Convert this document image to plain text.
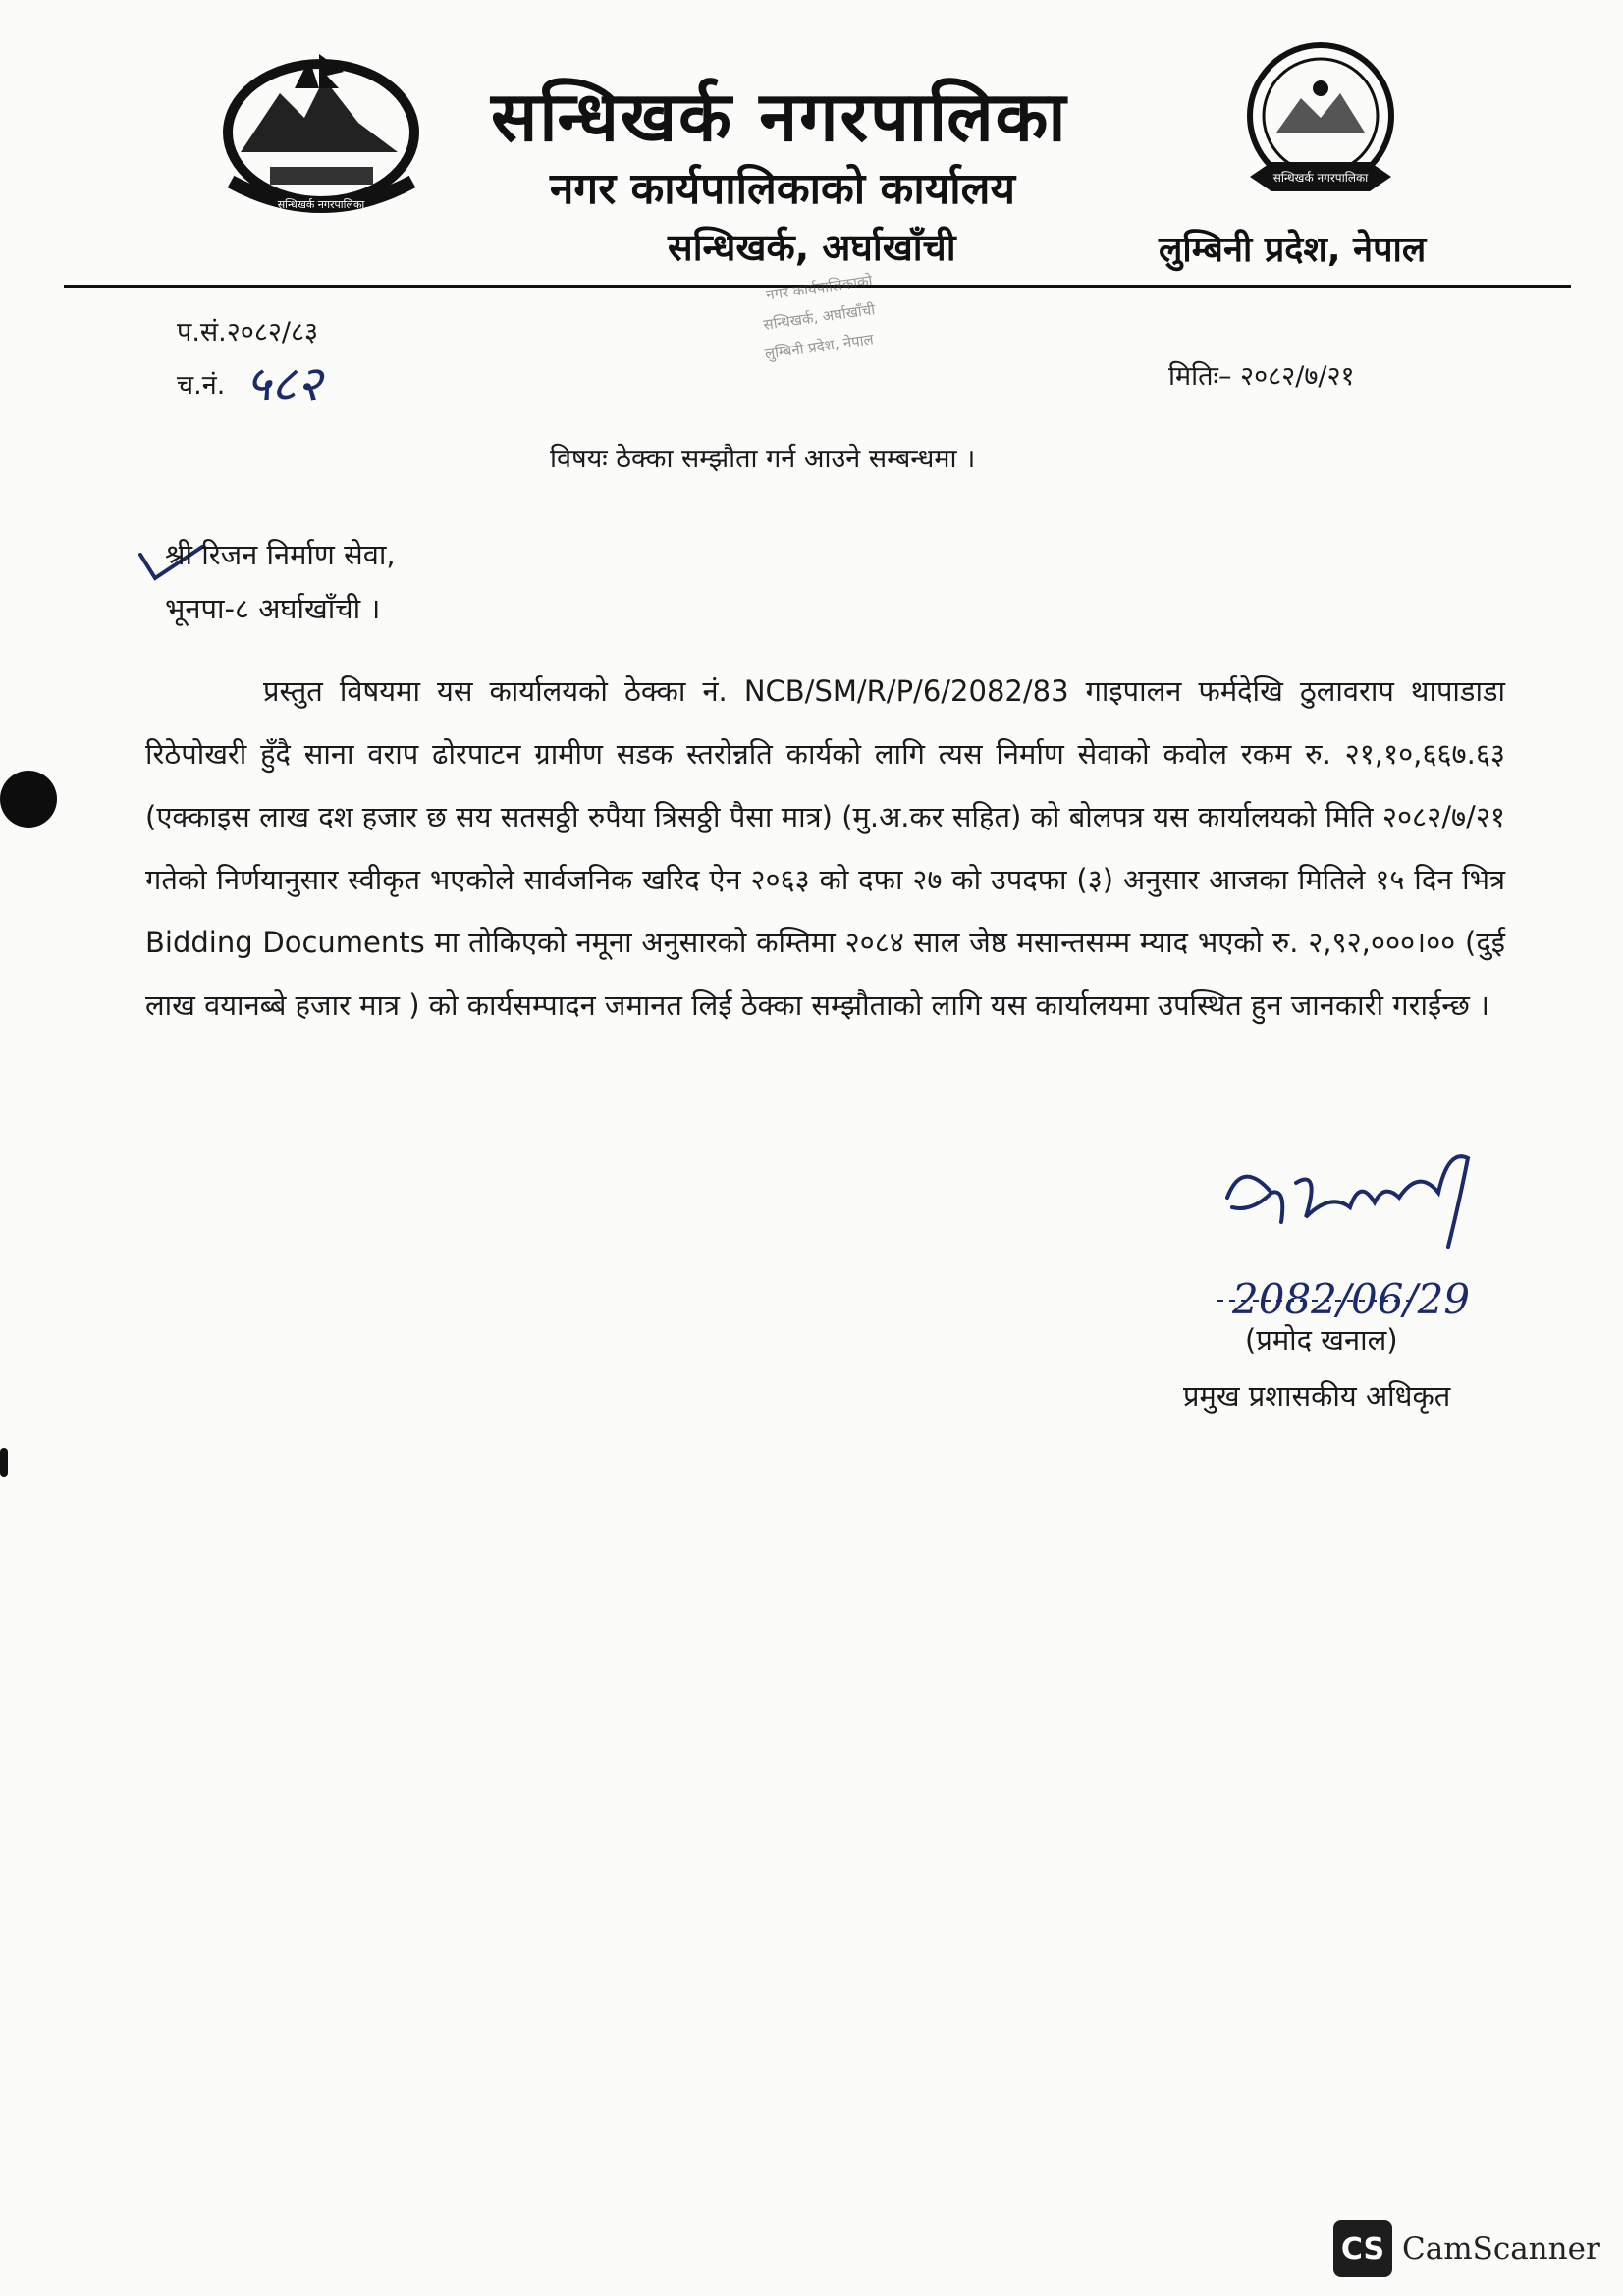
सन्धिखर्क नगरपालिका
सन्धिखर्क नगरपालिका
सन्धिखर्क नगरपालिका
नगर कार्यपालिकाको कार्यालय
सन्धिखर्क, अर्घाखाँची	लुम्बिनी प्रदेश, नेपाल
नगर कार्यपालिकाको
सन्धिखर्क, अर्घाखाँची
लुम्बिनी प्रदेश, नेपाल
प.सं.२०८२/८३
च.नं. ५८२	मितिः– २०८२/७/२१
विषयः ठेक्का सम्झौता गर्न आउने सम्बन्धमा ।
श्री रिजन निर्माण सेवा,
भूनपा-८ अर्घाखाँची ।
प्रस्तुत विषयमा यस कार्यालयको ठेक्का नं. NCB/SM/R/P/6/2082/83 गाइपालन फर्मदेखि ठुलावराप थापाडाडा रिठेपोखरी हुँदै साना वराप ढोरपाटन ग्रामीण सडक स्तरोन्नति कार्यको लागि त्यस निर्माण सेवाको कवोल रकम रु. २१,१०,६६७.६३ (एक्काइस लाख दश हजार छ सय सतसठ्ठी रुपैया त्रिसठ्ठी पैसा मात्र) (मु.अ.कर सहित) को बोलपत्र यस कार्यालयको मिति २०८२/७/२१ गतेको निर्णयानुसार स्वीकृत भएकोले सार्वजनिक खरिद ऐन २०६३ को दफा २७ को उपदफा (३) अनुसार आजका मितिले १५ दिन भित्र Bidding Documents मा तोकिएको नमूना अनुसारको कम्तिमा २०८४ साल जेष्ठ मसान्तसम्म म्याद भएको रु. २,९२,०००।०० (दुई लाख वयानब्बे हजार मात्र ) को कार्यसम्पादन जमानत लिई ठेक्का सम्झौताको लागि यस कार्यालयमा उपस्थित हुन जानकारी गराईन्छ ।
2082/06/29
(प्रमोद खनाल)
प्रमुख प्रशासकीय अधिकृत
CS CamScanner
